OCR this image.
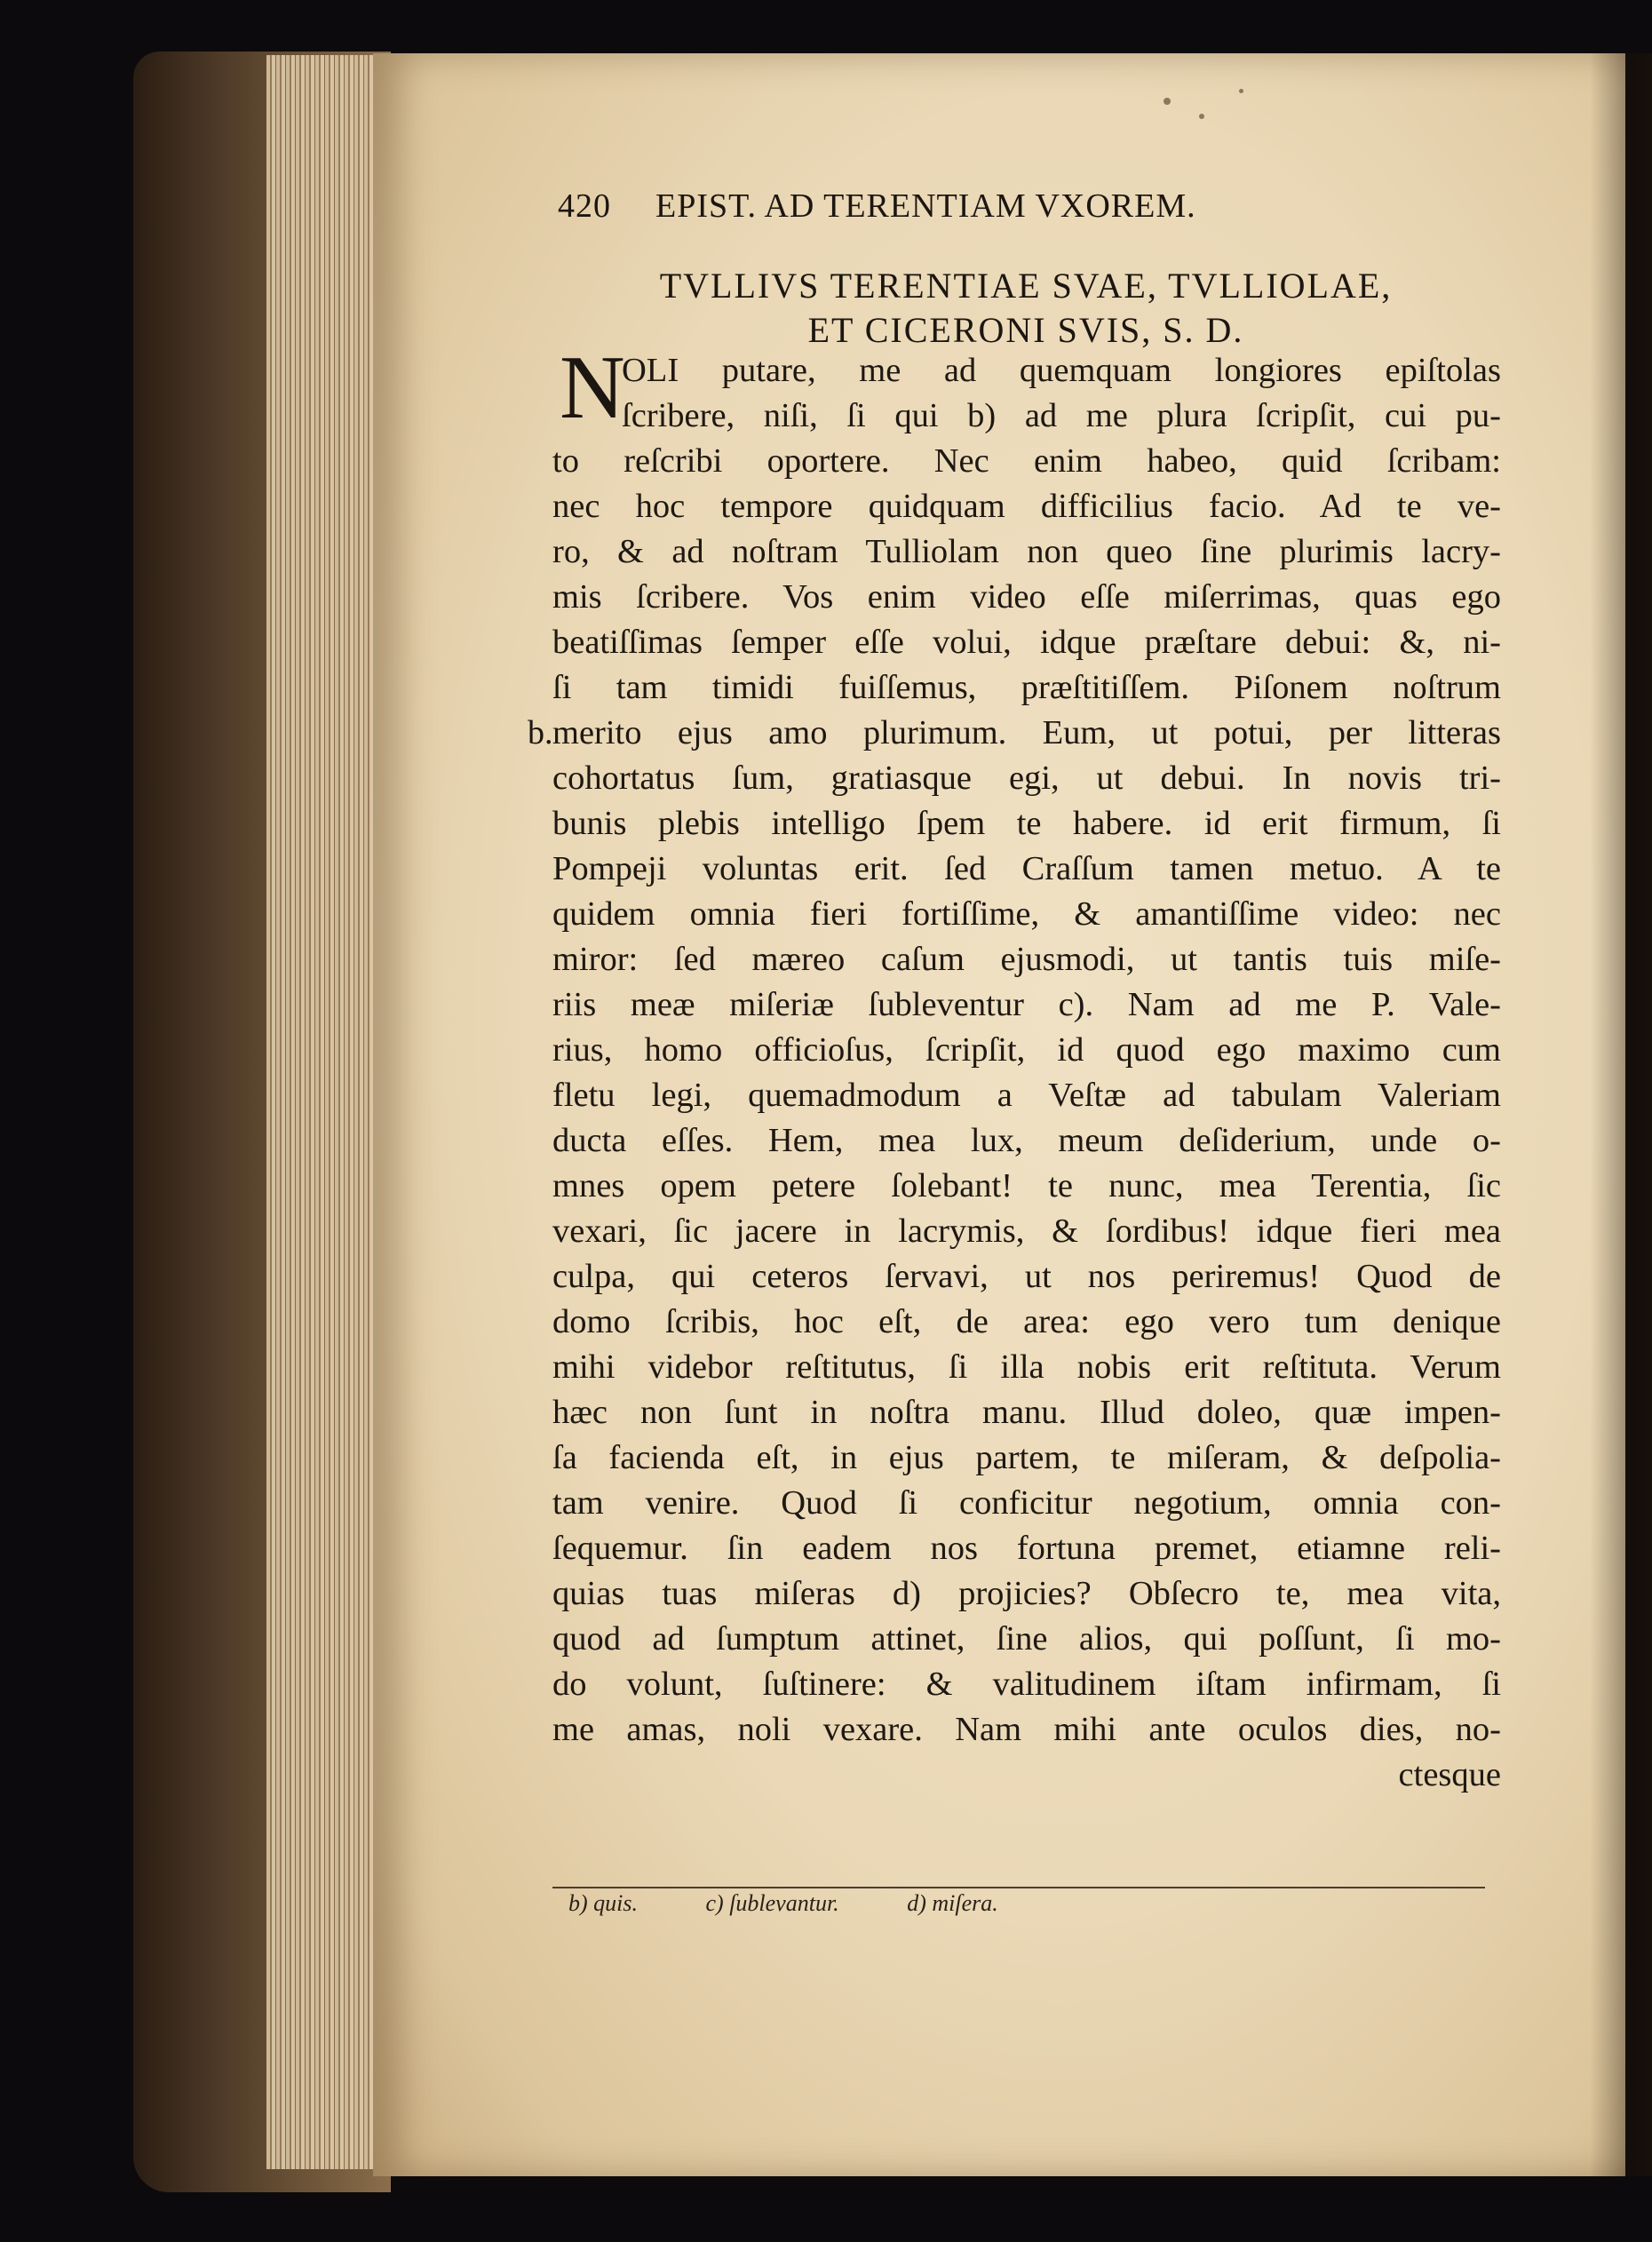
420 EPIST. AD TERENTIAM VXOREM.
TVLLIVS TERENTIAE SVAE, TVLLIOLAE,
ET CICERONI SVIS, S. D.
N
b.
OLI putare, me ad quemquam longiores epiſtolas
ſcribere, niſi, ſi qui b) ad me plura ſcripſit, cui pu-
to reſcribi oportere. Nec enim habeo, quid ſcribam:
nec hoc tempore quidquam difficilius facio. Ad te ve-
ro, & ad noſtram Tulliolam non queo ſine plurimis lacry-
mis ſcribere. Vos enim video eſſe miſerrimas, quas ego
beatiſſimas ſemper eſſe volui, idque præſtare debui: &, ni-
ſi tam timidi fuiſſemus, præſtitiſſem. Piſonem noſtrum
merito ejus amo plurimum. Eum, ut potui, per litteras
cohortatus ſum, gratiasque egi, ut debui. In novis tri-
bunis plebis intelligo ſpem te habere. id erit firmum, ſi
Pompeji voluntas erit. ſed Craſſum tamen metuo. A te
quidem omnia fieri fortiſſime, & amantiſſime video: nec
miror: ſed mæreo caſum ejusmodi, ut tantis tuis miſe-
riis meæ miſeriæ ſubleventur c). Nam ad me P. Vale-
rius, homo officioſus, ſcripſit, id quod ego maximo cum
fletu legi, quemadmodum a Veſtæ ad tabulam Valeriam
ducta eſſes. Hem, mea lux, meum deſiderium, unde o-
mnes opem petere ſolebant! te nunc, mea Terentia, ſic
vexari, ſic jacere in lacrymis, & ſordibus! idque fieri mea
culpa, qui ceteros ſervavi, ut nos periremus! Quod de
domo ſcribis, hoc eſt, de area: ego vero tum denique
mihi videbor reſtitutus, ſi illa nobis erit reſtituta. Verum
hæc non ſunt in noſtra manu. Illud doleo, quæ impen-
ſa facienda eſt, in ejus partem, te miſeram, & deſpolia-
tam venire. Quod ſi conficitur negotium, omnia con-
ſequemur. ſin eadem nos fortuna premet, etiamne reli-
quias tuas miſeras d) projicies? Obſecro te, mea vita,
quod ad ſumptum attinet, ſine alios, qui poſſunt, ſi mo-
do volunt, ſuſtinere: & valitudinem iſtam infirmam, ſi
me amas, noli vexare. Nam mihi ante oculos dies, no-
ctesque
b) quis.	c) ſublevantur.	d) miſera.
